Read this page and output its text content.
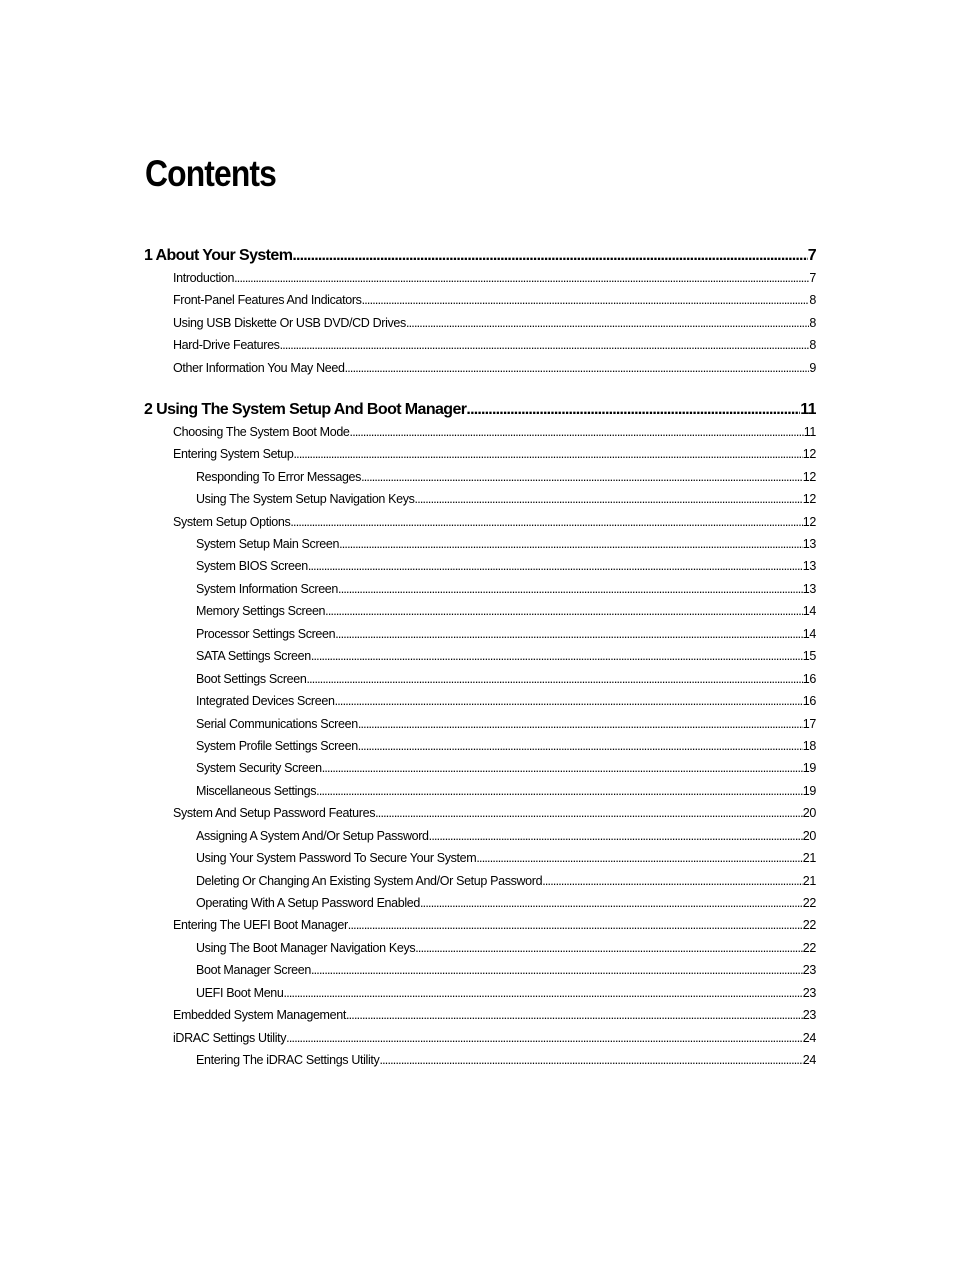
Contents
1 About Your System .....	7
Introduction .....	7
Front-Panel Features And Indicators .....	8
Using USB Diskette Or USB DVD/CD Drives .....	8
Hard-Drive Features .....	8
Other Information You May Need .....	9
2 Using The System Setup And Boot Manager .....	11
Choosing The System Boot Mode .....	11
Entering System Setup .....	12
Responding To Error Messages .....	12
Using The System Setup Navigation Keys .....	12
System Setup Options .....	12
System Setup Main Screen .....	13
System BIOS Screen .....	13
System Information Screen .....	13
Memory Settings Screen .....	14
Processor Settings Screen .....	14
SATA Settings Screen .....	15
Boot Settings Screen .....	16
Integrated Devices Screen .....	16
Serial Communications Screen .....	17
System Profile Settings Screen .....	18
System Security Screen .....	19
Miscellaneous Settings .....	19
System And Setup Password Features .....	20
Assigning A System And/Or Setup Password .....	20
Using Your System Password To Secure Your System .....	21
Deleting Or Changing An Existing System And/Or Setup Password .....	21
Operating With A Setup Password Enabled .....	22
Entering The UEFI Boot Manager .....	22
Using The Boot Manager Navigation Keys .....	22
Boot Manager Screen .....	23
UEFI Boot Menu .....	23
Embedded System Management .....	23
iDRAC Settings Utility .....	24
Entering The iDRAC Settings Utility .....	24
